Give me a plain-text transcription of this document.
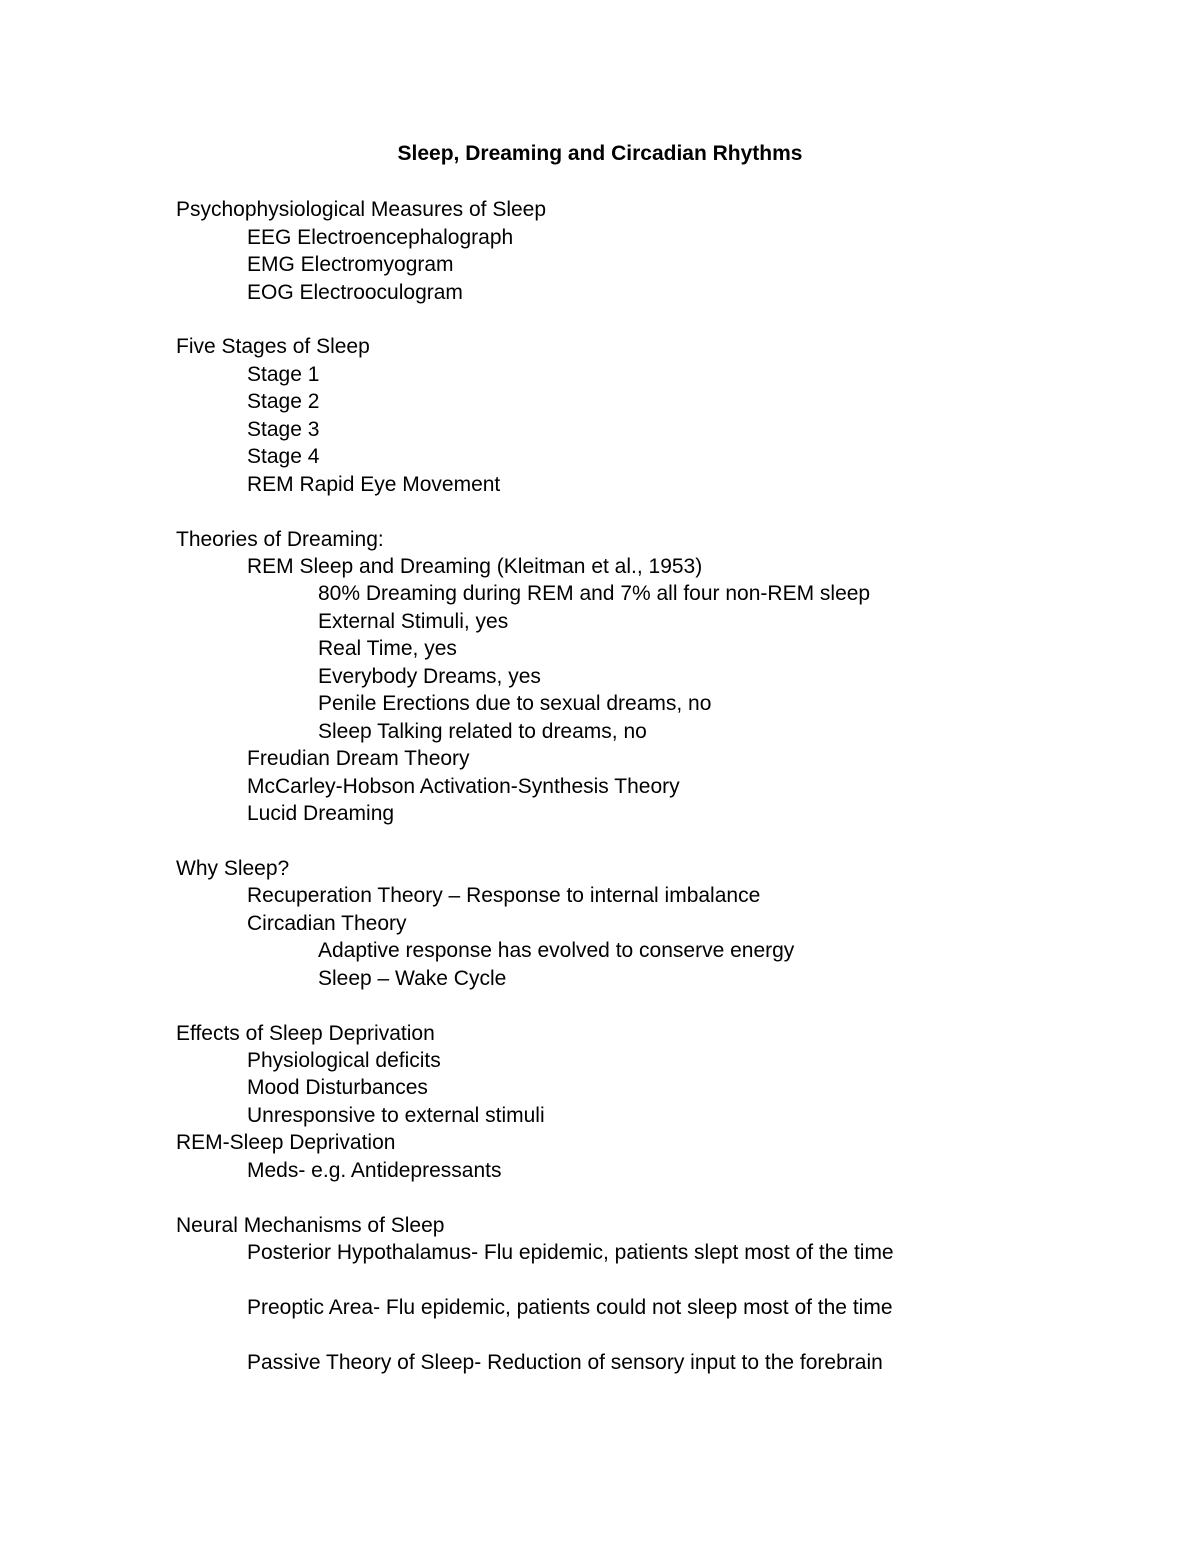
Sleep, Dreaming and Circadian Rhythms
Psychophysiological Measures of Sleep
EEG Electroencephalograph
EMG Electromyogram
EOG Electrooculogram
Five Stages of Sleep
Stage 1
Stage 2
Stage 3
Stage 4
REM Rapid Eye Movement
Theories of Dreaming:
REM Sleep and Dreaming (Kleitman et al., 1953)
80% Dreaming during REM and 7% all four non-REM sleep
External Stimuli, yes
Real Time, yes
Everybody Dreams, yes
Penile Erections due to sexual dreams, no
Sleep Talking related to dreams, no
Freudian Dream Theory
McCarley-Hobson Activation-Synthesis Theory
Lucid Dreaming
Why Sleep?
Recuperation Theory – Response to internal imbalance
Circadian Theory
Adaptive response has evolved to conserve energy
Sleep – Wake Cycle
Effects of Sleep Deprivation
Physiological deficits
Mood Disturbances
Unresponsive to external stimuli
REM-Sleep Deprivation
Meds- e.g. Antidepressants
Neural Mechanisms of Sleep
Posterior Hypothalamus- Flu epidemic, patients slept most of the time
Preoptic Area- Flu epidemic, patients could not sleep most of the time
Passive Theory of Sleep- Reduction of sensory input to the forebrain
